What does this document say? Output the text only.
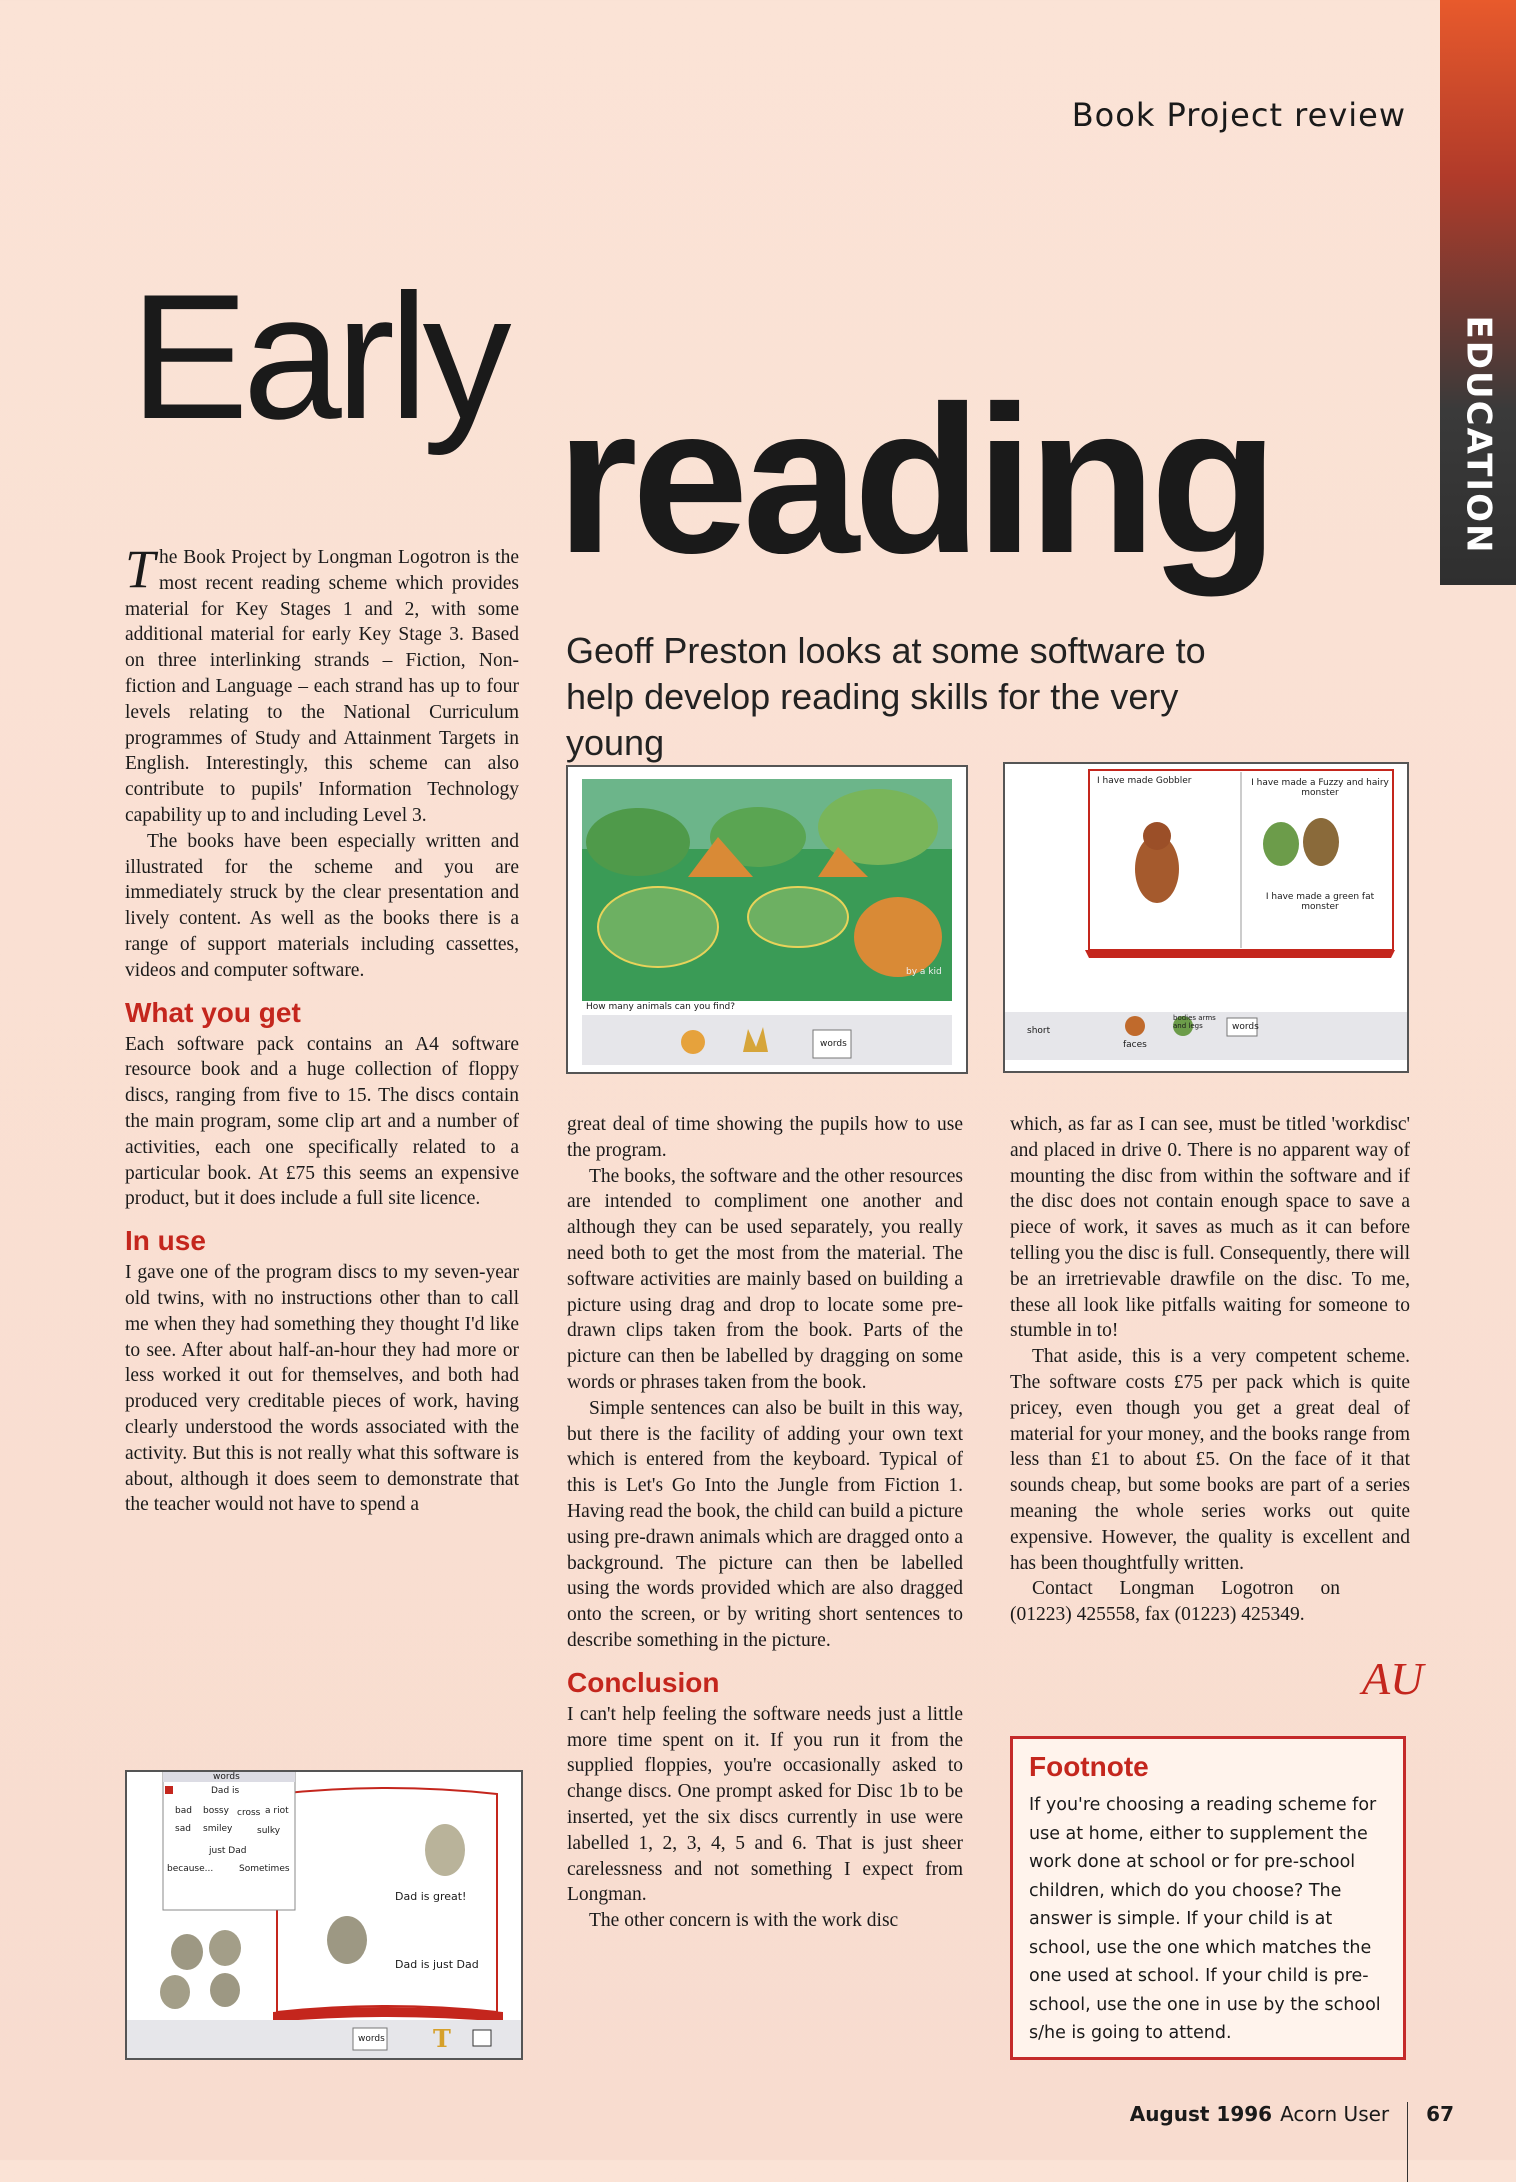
Book Project review
EDUCATION
Early
reading
Geoff Preston looks at some software to help develop reading skills for the very young

The Book Project by Longman Logotron is the most recent reading scheme which provides material for Key Stages 1 and 2, with some additional material for early Key Stage 3. Based on three interlinking strands – Fiction, Non-fiction and Language – each strand has up to four levels relating to the National Curriculum programmes of Study and Attainment Targets in English. Interestingly, this scheme can also contribute to pupils' Information Technology capability up to and including Level 3.

The books have been especially written and illustrated for the scheme and you are immediately struck by the clear presentation and lively content. As well as the books there is a range of support materials including cassettes, videos and computer software.

What you get

Each software pack contains an A4 software resource book and a huge collection of floppy discs, ranging from five to 15. The discs contain the main program, some clip art and a number of activities, each one specifically related to a particular book. At £75 this seems an expensive product, but it does include a full site licence.

In use

I gave one of the program discs to my seven-year old twins, with no instructions other than to call me when they had something they thought I'd like to see. After about half-an-hour they had more or less worked it out for themselves, and both had produced very creditable pieces of work, having clearly understood the words associated with the activity. But this is not really what this software is about, although it does seem to demonstrate that the teacher would not have to spend a

great deal of time showing the pupils how to use the program.

The books, the software and the other resources are intended to compliment one another and although they can be used separately, you really need both to get the most from the material. The software activities are mainly based on building a picture using drag and drop to locate some pre-drawn clips taken from the book. Parts of the picture can then be labelled by dragging on some words or phrases taken from the book.

Simple sentences can also be built in this way, but there is the facility of adding your own text which is entered from the keyboard. Typical of this is Let's Go Into the Jungle from Fiction 1. Having read the book, the child can build a picture using pre-drawn animals which are dragged onto a background. The picture can then be labelled using the words provided which are also dragged onto the screen, or by writing short sentences to describe something in the picture.

Conclusion

I can't help feeling the software needs just a little more time spent on it. If you run it from the supplied floppies, you're occasionally asked to change discs. One prompt asked for Disc 1b to be inserted, yet the six discs currently in use were labelled 1, 2, 3, 4, 5 and 6. That is just sheer carelessness and not something I expect from Longman.

The other concern is with the work disc

which, as far as I can see, must be titled 'workdisc' and placed in drive 0. There is no apparent way of mounting the disc from within the software and if the disc does not contain enough space to save a piece of work, it saves as much as it can before telling you the disc is full. Consequently, there will be an irretrievable drawfile on the disc. To me, these all look like pitfalls waiting for someone to stumble in to!

That aside, this is a very competent scheme. The software costs £75 per pack which is quite pricey, even though you get a great deal of material for your money, and the books range from less than £1 to about £5. On the face of it that sounds cheap, but some books are part of a series meaning the whole series works out quite expensive. However, the quality is excellent and has been thoughtfully written.

Contact Longman Logotron on (01223) 425558, fax (01223) 425349.

AU
How many animals can you find?
by a kid
words
I have made Gobbler	I have made a Fuzzy and hairy monster
I have made a green fat monster
short
faces
bodies arms and legs	words
words
Dad is
bad bossy cross a riot
sad smiley	sulky
just Dad
because...	Sometimes
Dad is great!
Dad is just Dad
words T
Footnote

If you're choosing a reading scheme for use at home, either to supplement the work done at school or for pre-school children, which do you choose? The answer is simple. If your child is at school, use the one which matches the one used at school. If your child is pre-school, use the one in use by the school s/he is going to attend.

August 1996 Acorn User 67
